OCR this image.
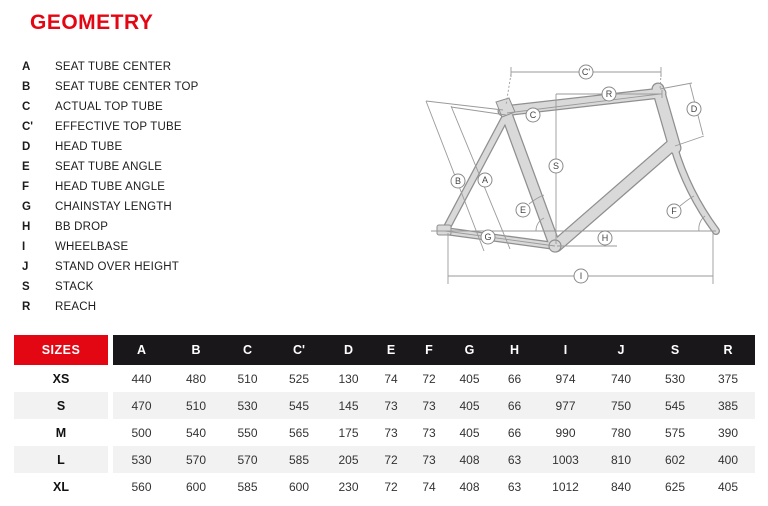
GEOMETRY
A	SEAT TUBE CENTER
B	SEAT TUBE CENTER TOP
C	ACTUAL TOP TUBE
C'	EFFECTIVE TOP TUBE
D	HEAD TUBE
E	SEAT TUBE ANGLE
F	HEAD TUBE ANGLE
G	CHAINSTAY LENGTH
H	BB DROP
I	WHEELBASE
J	STAND OVER HEIGHT
S	STACK
R	REACH
C'
R
D
C
S
B A
E	F
G	H
I
SIZES	A	B	C	C'	D	E	F	G	H	I	J	S	R
XS	440	480	510	525	130	74	72	405	66	974	740	530	375
S	470	510	530	545	145	73	73	405	66	977	750	545	385
M	500	540	550	565	175	73	73	405	66	990	780	575	390
L	530	570	570	585	205	72	73	408	63	1003	810	602	400
XL	560	600	585	600	230	72	74	408	63	1012	840	625	405
